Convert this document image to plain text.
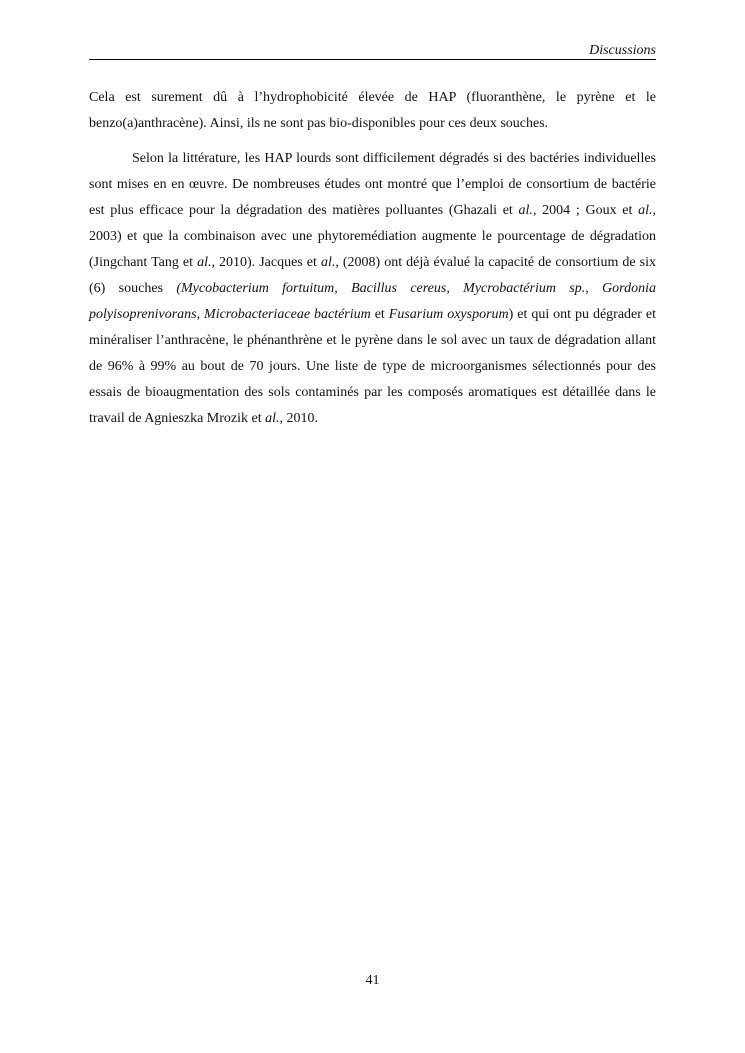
Discussions

Cela est surement dû à l’hydrophobicité élevée de HAP (fluoranthène, le pyrène et le benzo(a)anthracène). Ainsi, ils ne sont pas bio-disponibles pour ces deux souches.

Selon la littérature, les HAP lourds sont difficilement dégradés si des bactéries individuelles sont mises en en œuvre. De nombreuses études ont montré que l’emploi de consortium de bactérie est plus efficace pour la dégradation des matières polluantes (Ghazali et al., 2004 ; Goux et al., 2003) et que la combinaison avec une phytoremédiation augmente le pourcentage de dégradation (Jingchant Tang et al., 2010). Jacques et al., (2008) ont déjà évalué la capacité de consortium de six (6) souches (Mycobacterium fortuitum, Bacillus cereus, Mycrobactérium sp., Gordonia polyisoprenivorans, Microbacteriaceae bactérium et Fusarium oxysporum) et qui ont pu dégrader et minéraliser l’anthracène, le phénanthrène et le pyrène dans le sol avec un taux de dégradation allant de 96% à 99% au bout de 70 jours. Une liste de type de microorganismes sélectionnés pour des essais de bioaugmentation des sols contaminés par les composés aromatiques est détaillée dans le travail de Agnieszka Mrozik et al., 2010.

41
